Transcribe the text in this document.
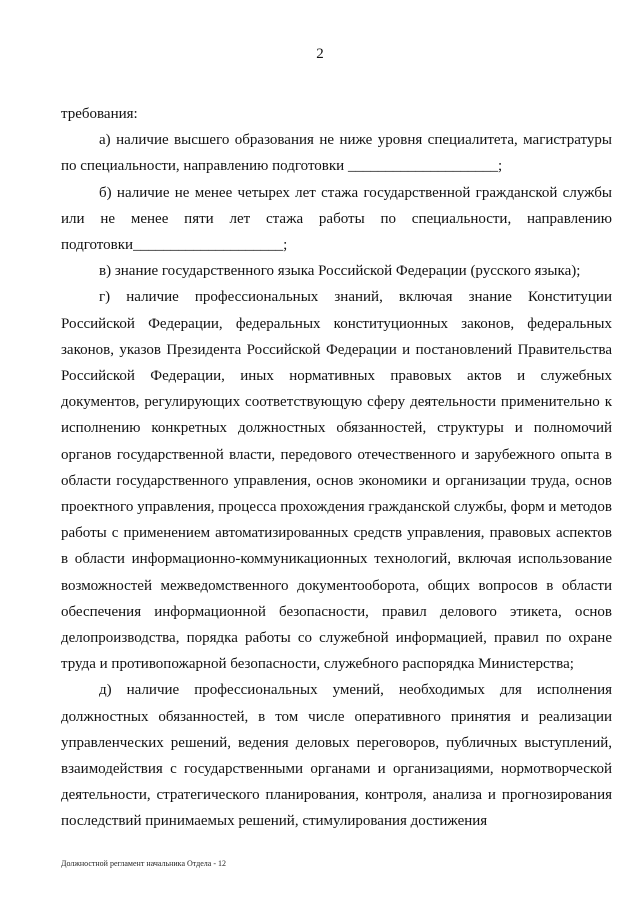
2

требования:

а) наличие высшего образования не ниже уровня специалитета, магистратуры по специальности, направлению подготовки ____________________;

б) наличие не менее четырех лет стажа государственной гражданской службы или не менее пяти лет стажа работы по специальности, направлению подготовки____________________;

в) знание государственного языка Российской Федерации (русского языка);

г) наличие профессиональных знаний, включая знание Конституции Российской Федерации, федеральных конституционных законов, федеральных законов, указов Президента Российской Федерации и постановлений Правительства Российской Федерации, иных нормативных правовых актов и служебных документов, регулирующих соответствующую сферу деятельности применительно к исполнению конкретных должностных обязанностей, структуры и полномочий органов государственной власти, передового отечественного и зарубежного опыта в области государственного управления, основ экономики и организации труда, основ проектного управления, процесса прохождения гражданской службы, форм и методов работы с применением автоматизированных средств управления, правовых аспектов в области информационно-коммуникационных технологий, включая использование возможностей межведомственного документооборота, общих вопросов в области обеспечения информационной безопасности, правил делового этикета, основ делопроизводства, порядка работы со служебной информацией, правил по охране труда и противопожарной безопасности, служебного распорядка Министерства;

д) наличие профессиональных умений, необходимых для исполнения должностных обязанностей, в том числе оперативного принятия и реализации управленческих решений, ведения деловых переговоров, публичных выступлений, взаимодействия с государственными органами и организациями, нормотворческой деятельности, стратегического планирования, контроля, анализа и прогнозирования последствий принимаемых решений, стимулирования достижения

Должностной регламент начальника Отдела - 12
